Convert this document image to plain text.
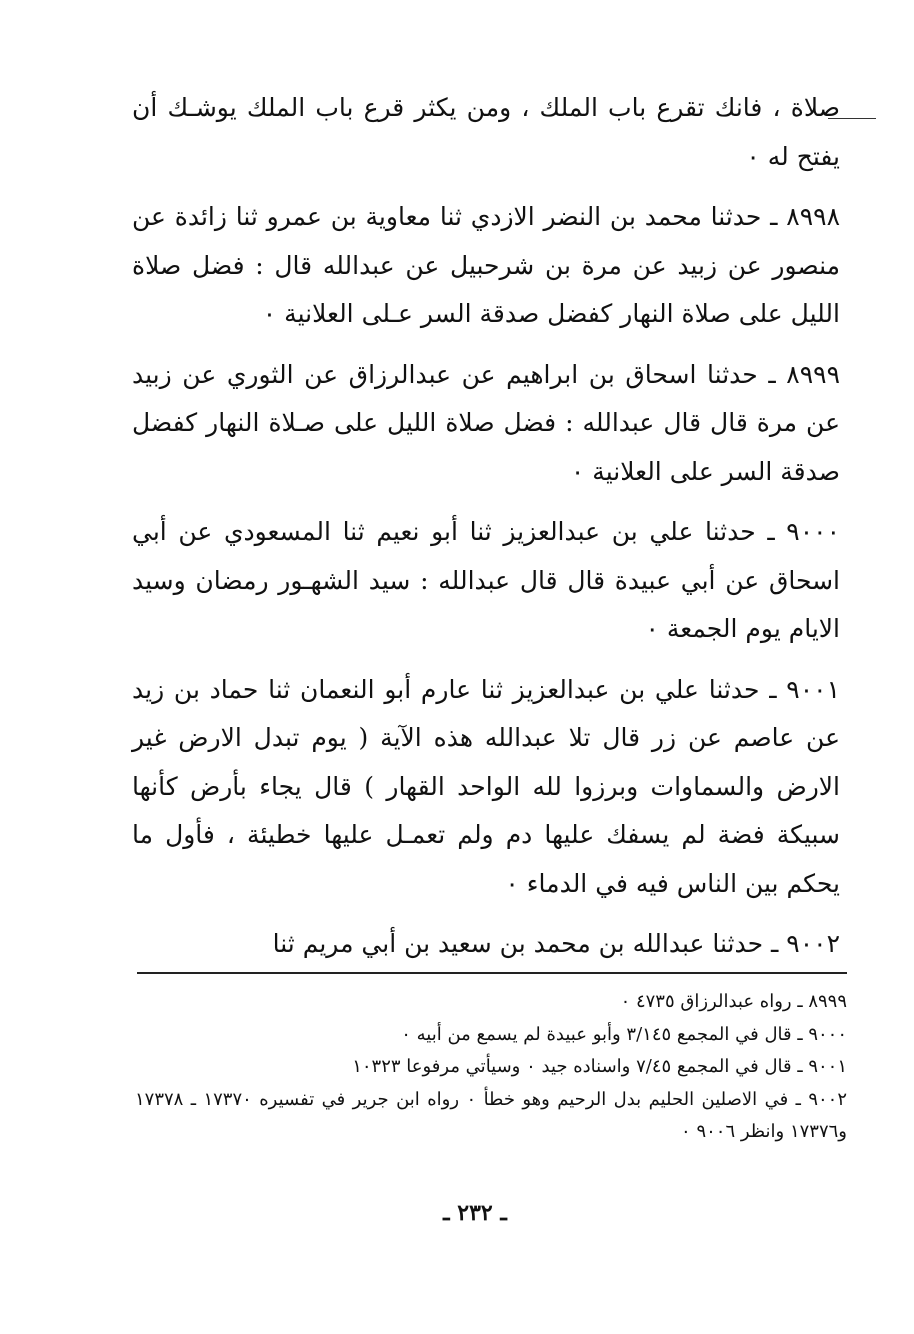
صلاة ، فانك تقرع باب الملك ، ومن يكثر قرع باب الملك يوشـك أن يفتح له ٠

٨٩٩٨ ـ حدثنا محمد بن النضر الازدي ثنا معاوية بن عمرو ثنا زائدة عن منصور عن زبيد عن مرة بن شرحبيل عن عبدالله قال : فضل صلاة الليل على صلاة النهار كفضل صدقة السر عـلى العلانية ٠

٨٩٩٩ ـ حدثنا اسحاق بن ابراهيم عن عبدالرزاق عن الثوري عن زبيد عن مرة قال قال عبدالله : فضل صلاة الليل على صـلاة النهار كفضل صدقة السر على العلانية ٠

٩٠٠٠ ـ حدثنا علي بن عبدالعزيز ثنا أبو نعيم ثنا المسعودي عن أبي اسحاق عن أبي عبيدة قال قال عبدالله : سيد الشهـور رمضان وسيد الايام يوم الجمعة ٠

٩٠٠١ ـ حدثنا علي بن عبدالعزيز ثنا عارم أبو النعمان ثنا حماد بن زيد عن عاصم عن زر قال تلا عبدالله هذه الآية ( يوم تبدل الارض غير الارض والسماوات وبرزوا لله الواحد القهار ) قال يجاء بأرض كأنها سبيكة فضة لم يسفك عليها دم ولم تعمـل عليها خطيئة ، فأول ما يحكم بين الناس فيه في الدماء ٠

٩٠٠٢ ـ حدثنا عبدالله بن محمد بن سعيد بن أبي مريم ثنا

٨٩٩٩ ـ رواه عبدالرزاق ٤٧٣٥ ٠

٩٠٠٠ ـ قال في المجمع ٣/١٤٥ وأبو عبيدة لم يسمع من أبيه ٠

٩٠٠١ ـ قال في المجمع ٧/٤٥ واسناده جيد ٠ وسيأتي مرفوعا ١٠٣٢٣

٩٠٠٢ ـ في الاصلين الحليم بدل الرحيم وهو خطأ ٠ رواه ابن جرير في تفسيره ١٧٣٧٠ ـ ١٧٣٧٨ و١٧٣٧٦ وانظر ٩٠٠٦ ٠

ـ ٢٣٢ ـ
